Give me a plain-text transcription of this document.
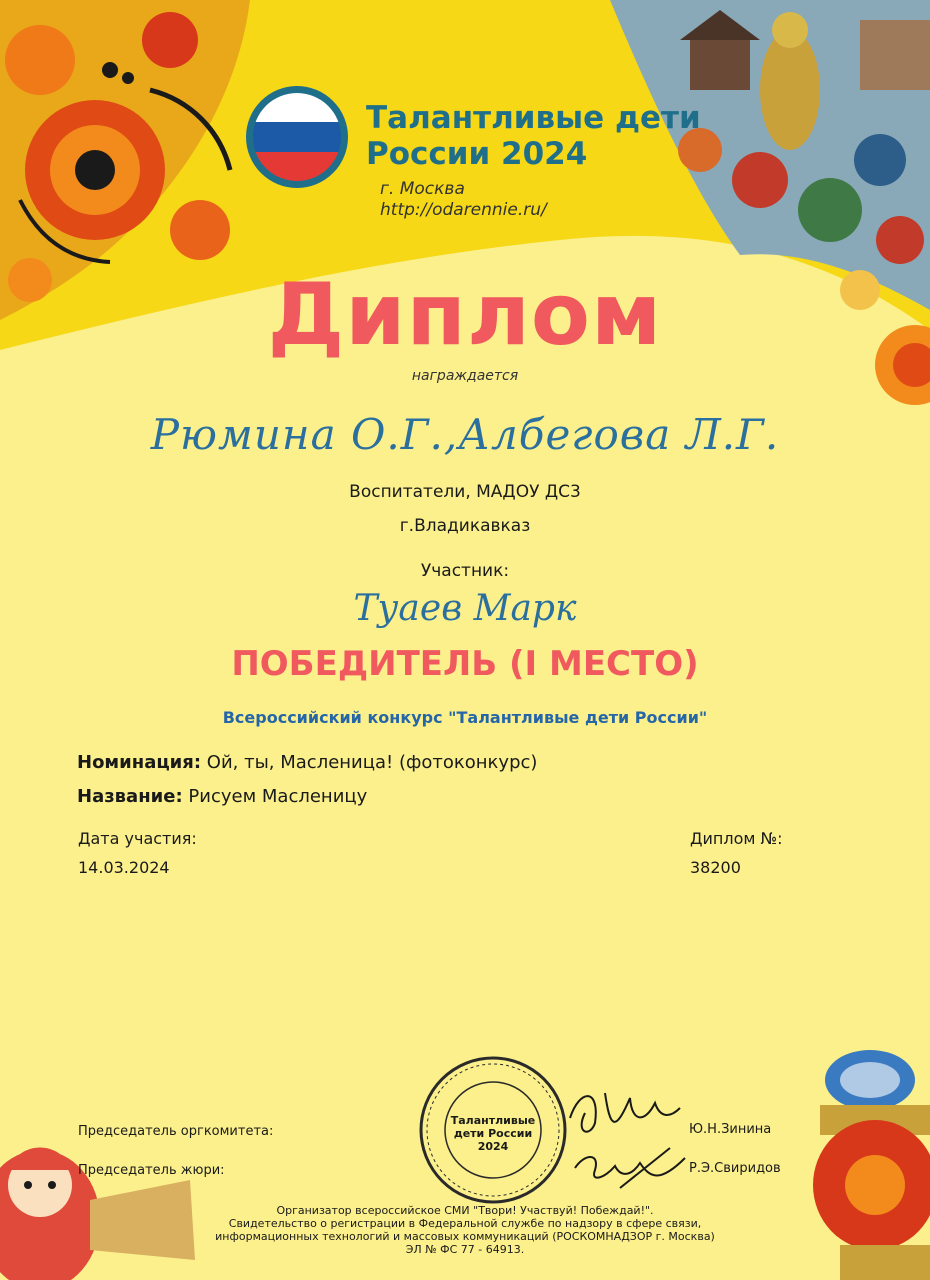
Талантливые дети
России 2024
г. Москва
http://odarennie.ru/
Диплом
награждается
Рюмина О.Г.,Албегова Л.Г.
Воспитатели, МАДОУ ДС3
г.Владикавказ
Участник:
Туаев Марк
ПОБЕДИТЕЛЬ (I МЕСТО)
Всероссийский конкурс "Талантливые дети России"
Номинация: Ой, ты, Масленица! (фотоконкурс)
Название: Рисуем Масленицу
Дата участия:
14.03.2024
Диплом №:
38200
Председатель оргкомитета:
Председатель жюри:
Ю.Н.Зинина
Р.Э.Свиридов
Талантливые
дети России
2024
Организатор всероссийское СМИ "Твори! Участвуй! Побеждай!".
Свидетельство о регистрации в Федеральной службе по надзору в сфере связи,
информационных технологий и массовых коммуникаций (РОСКОМНАДЗОР г. Москва)
ЭЛ № ФС 77 - 64913.
